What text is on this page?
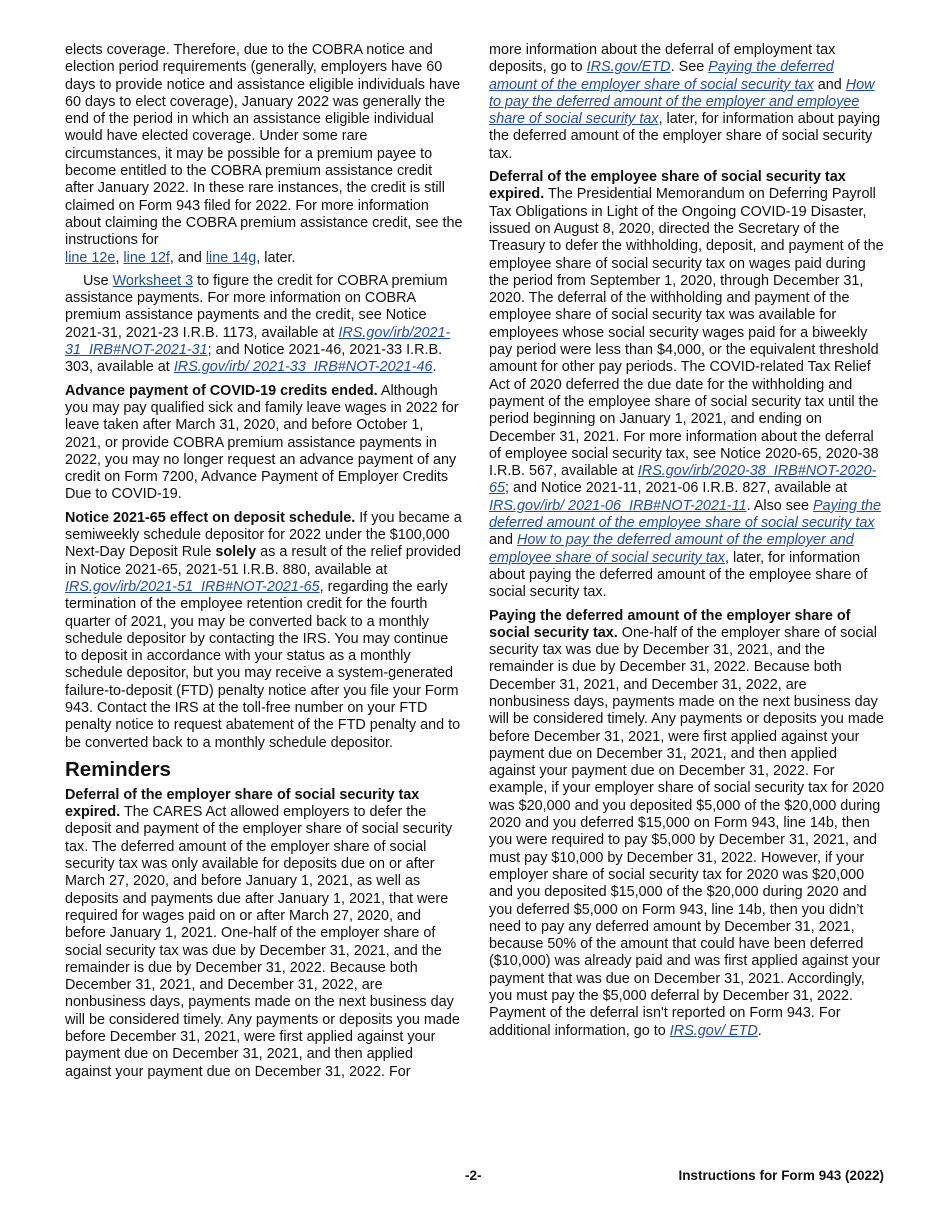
elects coverage. Therefore, due to the COBRA notice and election period requirements (generally, employers have 60 days to provide notice and assistance eligible individuals have 60 days to elect coverage), January 2022 was generally the end of the period in which an assistance eligible individual would have elected coverage. Under some rare circumstances, it may be possible for a premium payee to become entitled to the COBRA premium assistance credit after January 2022. In these rare instances, the credit is still claimed on Form 943 filed for 2022. For more information about claiming the COBRA premium assistance credit, see the instructions for
line 12e, line 12f, and line 14g, later.

Use Worksheet 3 to figure the credit for COBRA premium assistance payments. For more information on COBRA premium assistance payments and the credit, see Notice 2021-31, 2021-23 I.R.B. 1173, available at IRS.gov/irb/2021-31_IRB#NOT-2021-31; and Notice 2021-46, 2021-33 I.R.B. 303, available at IRS.gov/irb/ 2021-33_IRB#NOT-2021-46.

Advance payment of COVID-19 credits ended. Although you may pay qualified sick and family leave wages in 2022 for leave taken after March 31, 2020, and before October 1, 2021, or provide COBRA premium assistance payments in 2022, you may no longer request an advance payment of any credit on Form 7200, Advance Payment of Employer Credits Due to COVID-19.

Notice 2021-65 effect on deposit schedule. If you became a semiweekly schedule depositor for 2022 under the $100,000 Next-Day Deposit Rule solely as a result of the relief provided in Notice 2021-65, 2021-51 I.R.B. 880, available at IRS.gov/irb/2021-51_IRB#NOT-2021-65, regarding the early termination of the employee retention credit for the fourth quarter of 2021, you may be converted back to a monthly schedule depositor by contacting the IRS. You may continue to deposit in accordance with your status as a monthly schedule depositor, but you may receive a system-generated failure-to-deposit (FTD) penalty notice after you file your Form 943. Contact the IRS at the toll-free number on your FTD penalty notice to request abatement of the FTD penalty and to be converted back to a monthly schedule depositor.

Reminders

Deferral of the employer share of social security tax expired. The CARES Act allowed employers to defer the deposit and payment of the employer share of social security tax. The deferred amount of the employer share of social security tax was only available for deposits due on or after March 27, 2020, and before January 1, 2021, as well as deposits and payments due after January 1, 2021, that were required for wages paid on or after March 27, 2020, and before January 1, 2021. One-half of the employer share of social security tax was due by December 31, 2021, and the remainder is due by December 31, 2022. Because both December 31, 2021, and December 31, 2022, are nonbusiness days, payments made on the next business day will be considered timely. Any payments or deposits you made before December 31, 2021, were first applied against your payment due on December 31, 2021, and then applied against your payment due on December 31, 2022. For

more information about the deferral of employment tax deposits, go to IRS.gov/ETD. See Paying the deferred amount of the employer share of social security tax and How to pay the deferred amount of the employer and employee share of social security tax, later, for information about paying the deferred amount of the employer share of social security tax.

Deferral of the employee share of social security tax expired. The Presidential Memorandum on Deferring Payroll Tax Obligations in Light of the Ongoing COVID-19 Disaster, issued on August 8, 2020, directed the Secretary of the Treasury to defer the withholding, deposit, and payment of the employee share of social security tax on wages paid during the period from September 1, 2020, through December 31, 2020. The deferral of the withholding and payment of the employee share of social security tax was available for employees whose social security wages paid for a biweekly pay period were less than $4,000, or the equivalent threshold amount for other pay periods. The COVID-related Tax Relief Act of 2020 deferred the due date for the withholding and payment of the employee share of social security tax until the period beginning on January 1, 2021, and ending on December 31, 2021. For more information about the deferral of employee social security tax, see Notice 2020-65, 2020-38 I.R.B. 567, available at IRS.gov/irb/2020-38_IRB#NOT-2020-65; and Notice 2021-11, 2021-06 I.R.B. 827, available at IRS.gov/irb/ 2021-06_IRB#NOT-2021-11. Also see Paying the deferred amount of the employee share of social security tax and How to pay the deferred amount of the employer and employee share of social security tax, later, for information about paying the deferred amount of the employee share of social security tax.

Paying the deferred amount of the employer share of social security tax. One-half of the employer share of social security tax was due by December 31, 2021, and the remainder is due by December 31, 2022. Because both December 31, 2021, and December 31, 2022, are nonbusiness days, payments made on the next business day will be considered timely. Any payments or deposits you made before December 31, 2021, were first applied against your payment due on December 31, 2021, and then applied against your payment due on December 31, 2022. For example, if your employer share of social security tax for 2020 was $20,000 and you deposited $5,000 of the $20,000 during 2020 and you deferred $15,000 on Form 943, line 14b, then you were required to pay $5,000 by December 31, 2021, and must pay $10,000 by December 31, 2022. However, if your employer share of social security tax for 2020 was $20,000 and you deposited $15,000 of the $20,000 during 2020 and you deferred $5,000 on Form 943, line 14b, then you didn’t need to pay any deferred amount by December 31, 2021, because 50% of the amount that could have been deferred ($10,000) was already paid and was first applied against your payment that was due on December 31, 2021. Accordingly, you must pay the $5,000 deferral by December 31, 2022. Payment of the deferral isn't reported on Form 943. For additional information, go to IRS.gov/ ETD.

-2-	Instructions for Form 943 (2022)
